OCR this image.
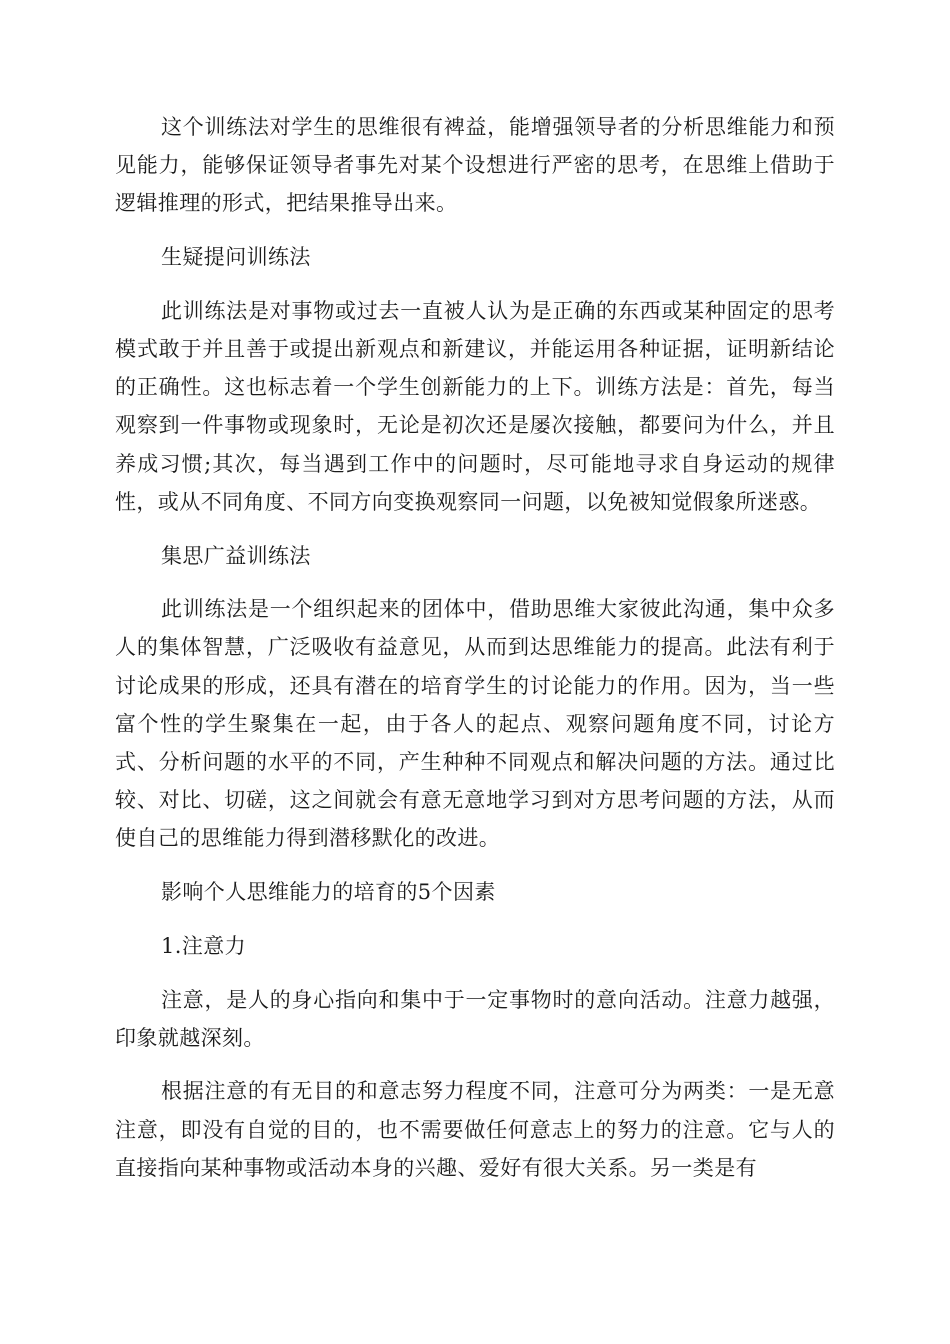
这个训练法对学生的思维很有裨益，能增强领导者的分析思维能力和预见能力，能够保证领导者事先对某个设想进行严密的思考，在思维上借助于逻辑推理的形式，把结果推导出来。

生疑提问训练法

此训练法是对事物或过去一直被人认为是正确的东西或某种固定的思考模式敢于并且善于或提出新观点和新建议，并能运用各种证据，证明新结论的正确性。这也标志着一个学生创新能力的上下。训练方法是：首先，每当观察到一件事物或现象时，无论是初次还是屡次接触，都要问为什么，并且养成习惯;其次，每当遇到工作中的问题时，尽可能地寻求自身运动的规律性，或从不同角度、不同方向变换观察同一问题，以免被知觉假象所迷惑。

集思广益训练法

此训练法是一个组织起来的团体中，借助思维大家彼此沟通，集中众多人的集体智慧，广泛吸收有益意见，从而到达思维能力的提高。此法有利于讨论成果的形成，还具有潜在的培育学生的讨论能力的作用。因为，当一些富个性的学生聚集在一起，由于各人的起点、观察问题角度不同，讨论方式、分析问题的水平的不同，产生种种不同观点和解决问题的方法。通过比较、对比、切磋，这之间就会有意无意地学习到对方思考问题的方法，从而使自己的思维能力得到潜移默化的改进。

影响个人思维能力的培育的5个因素

1.注意力

注意，是人的身心指向和集中于一定事物时的意向活动。注意力越强，印象就越深刻。

根据注意的有无目的和意志努力程度不同，注意可分为两类：一是无意注意，即没有自觉的目的，也不需要做任何意志上的努力的注意。它与人的直接指向某种事物或活动本身的兴趣、爱好有很大关系。另一类是有
